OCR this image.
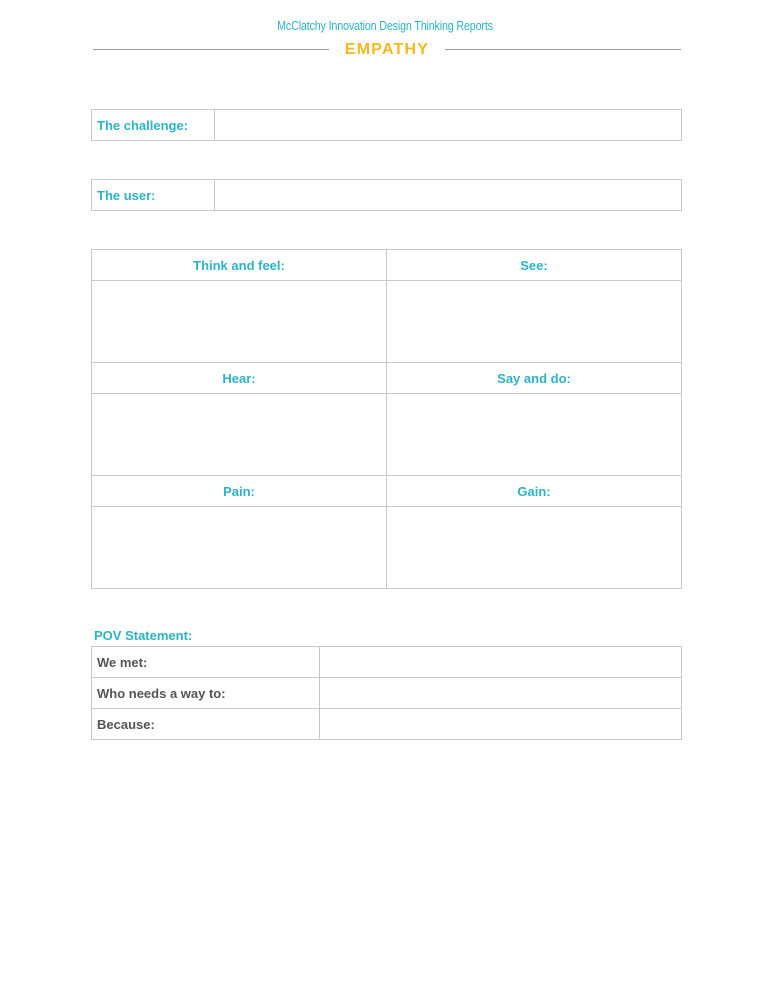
McClatchy Innovation Design Thinking Reports
EMPATHY
The challenge:	
The user:	
Think and feel:	See:

Hear:	Say and do:

Pain:	Gain:

POV Statement:
We met:	
Who needs a way to:	
Because:	
